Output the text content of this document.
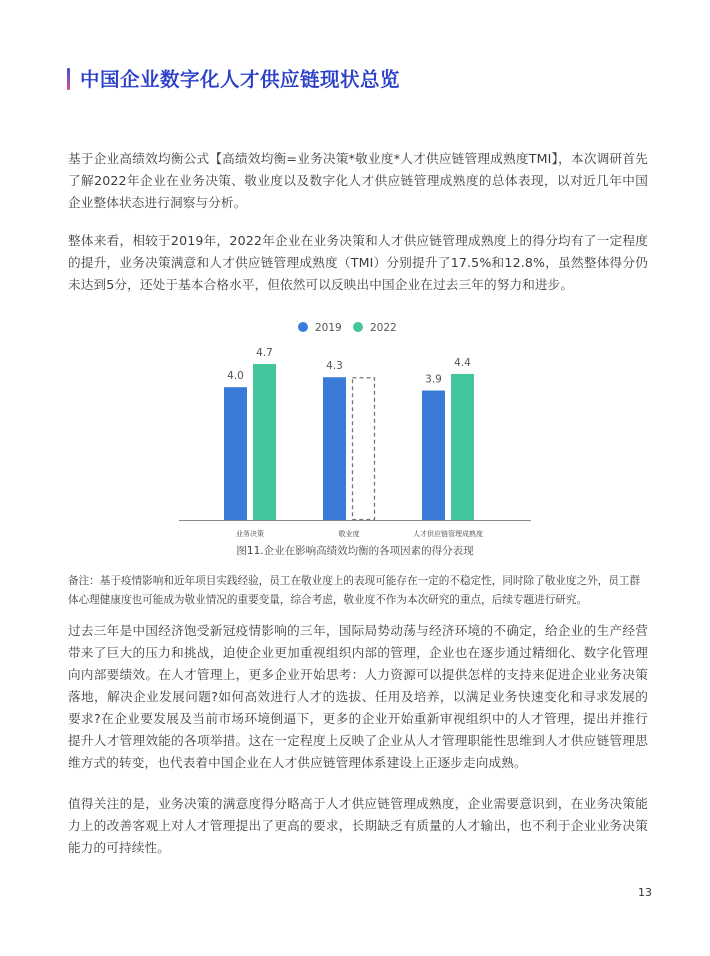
中国企业数字化人才供应链现状总览
基于企业高绩效均衡公式【高绩效均衡=业务决策*敬业度*人才供应链管理成熟度TMI】，本次调研首先了解2022年企业在业务决策、敬业度以及数字化人才供应链管理成熟度的总体表现，以对近几年中国企业整体状态进行洞察与分析。
整体来看，相较于2019年，2022年企业在业务决策和人才供应链管理成熟度上的得分均有了一定程度的提升，业务决策满意和人才供应链管理成熟度（TMI）分别提升了17.5%和12.8%，虽然整体得分仍未达到5分，还处于基本合格水平，但依然可以反映出中国企业在过去三年的努力和进步。
2019	2022
4.0
4.7
4.3
3.9
4.4
业务决策	敬业度	人才供应链管理成熟度
图11.企业在影响高绩效均衡的各项因素的得分表现
备注：基于疫情影响和近年项目实践经验，员工在敬业度上的表现可能存在一定的不稳定性，同时除了敬业度之外，员工群体心理健康度也可能成为敬业情况的重要变量，综合考虑，敬业度不作为本次研究的重点，后续专题进行研究。
过去三年是中国经济饱受新冠疫情影响的三年，国际局势动荡与经济环境的不确定，给企业的生产经营带来了巨大的压力和挑战，迫使企业更加重视组织内部的管理，企业也在逐步通过精细化、数字化管理向内部要绩效。在人才管理上，更多企业开始思考：人力资源可以提供怎样的支持来促进企业业务决策落地，解决企业发展问题?如何高效进行人才的选拔、任用及培养，以满足业务快速变化和寻求发展的要求?在企业要发展及当前市场环境倒逼下，更多的企业开始重新审视组织中的人才管理，提出并推行提升人才管理效能的各项举措。这在一定程度上反映了企业从人才管理职能性思维到人才供应链管理思维方式的转变，也代表着中国企业在人才供应链管理体系建设上正逐步走向成熟。
值得关注的是，业务决策的满意度得分略高于人才供应链管理成熟度，企业需要意识到，在业务决策能力上的改善客观上对人才管理提出了更高的要求，长期缺乏有质量的人才输出，也不利于企业业务决策能力的可持续性。
13
